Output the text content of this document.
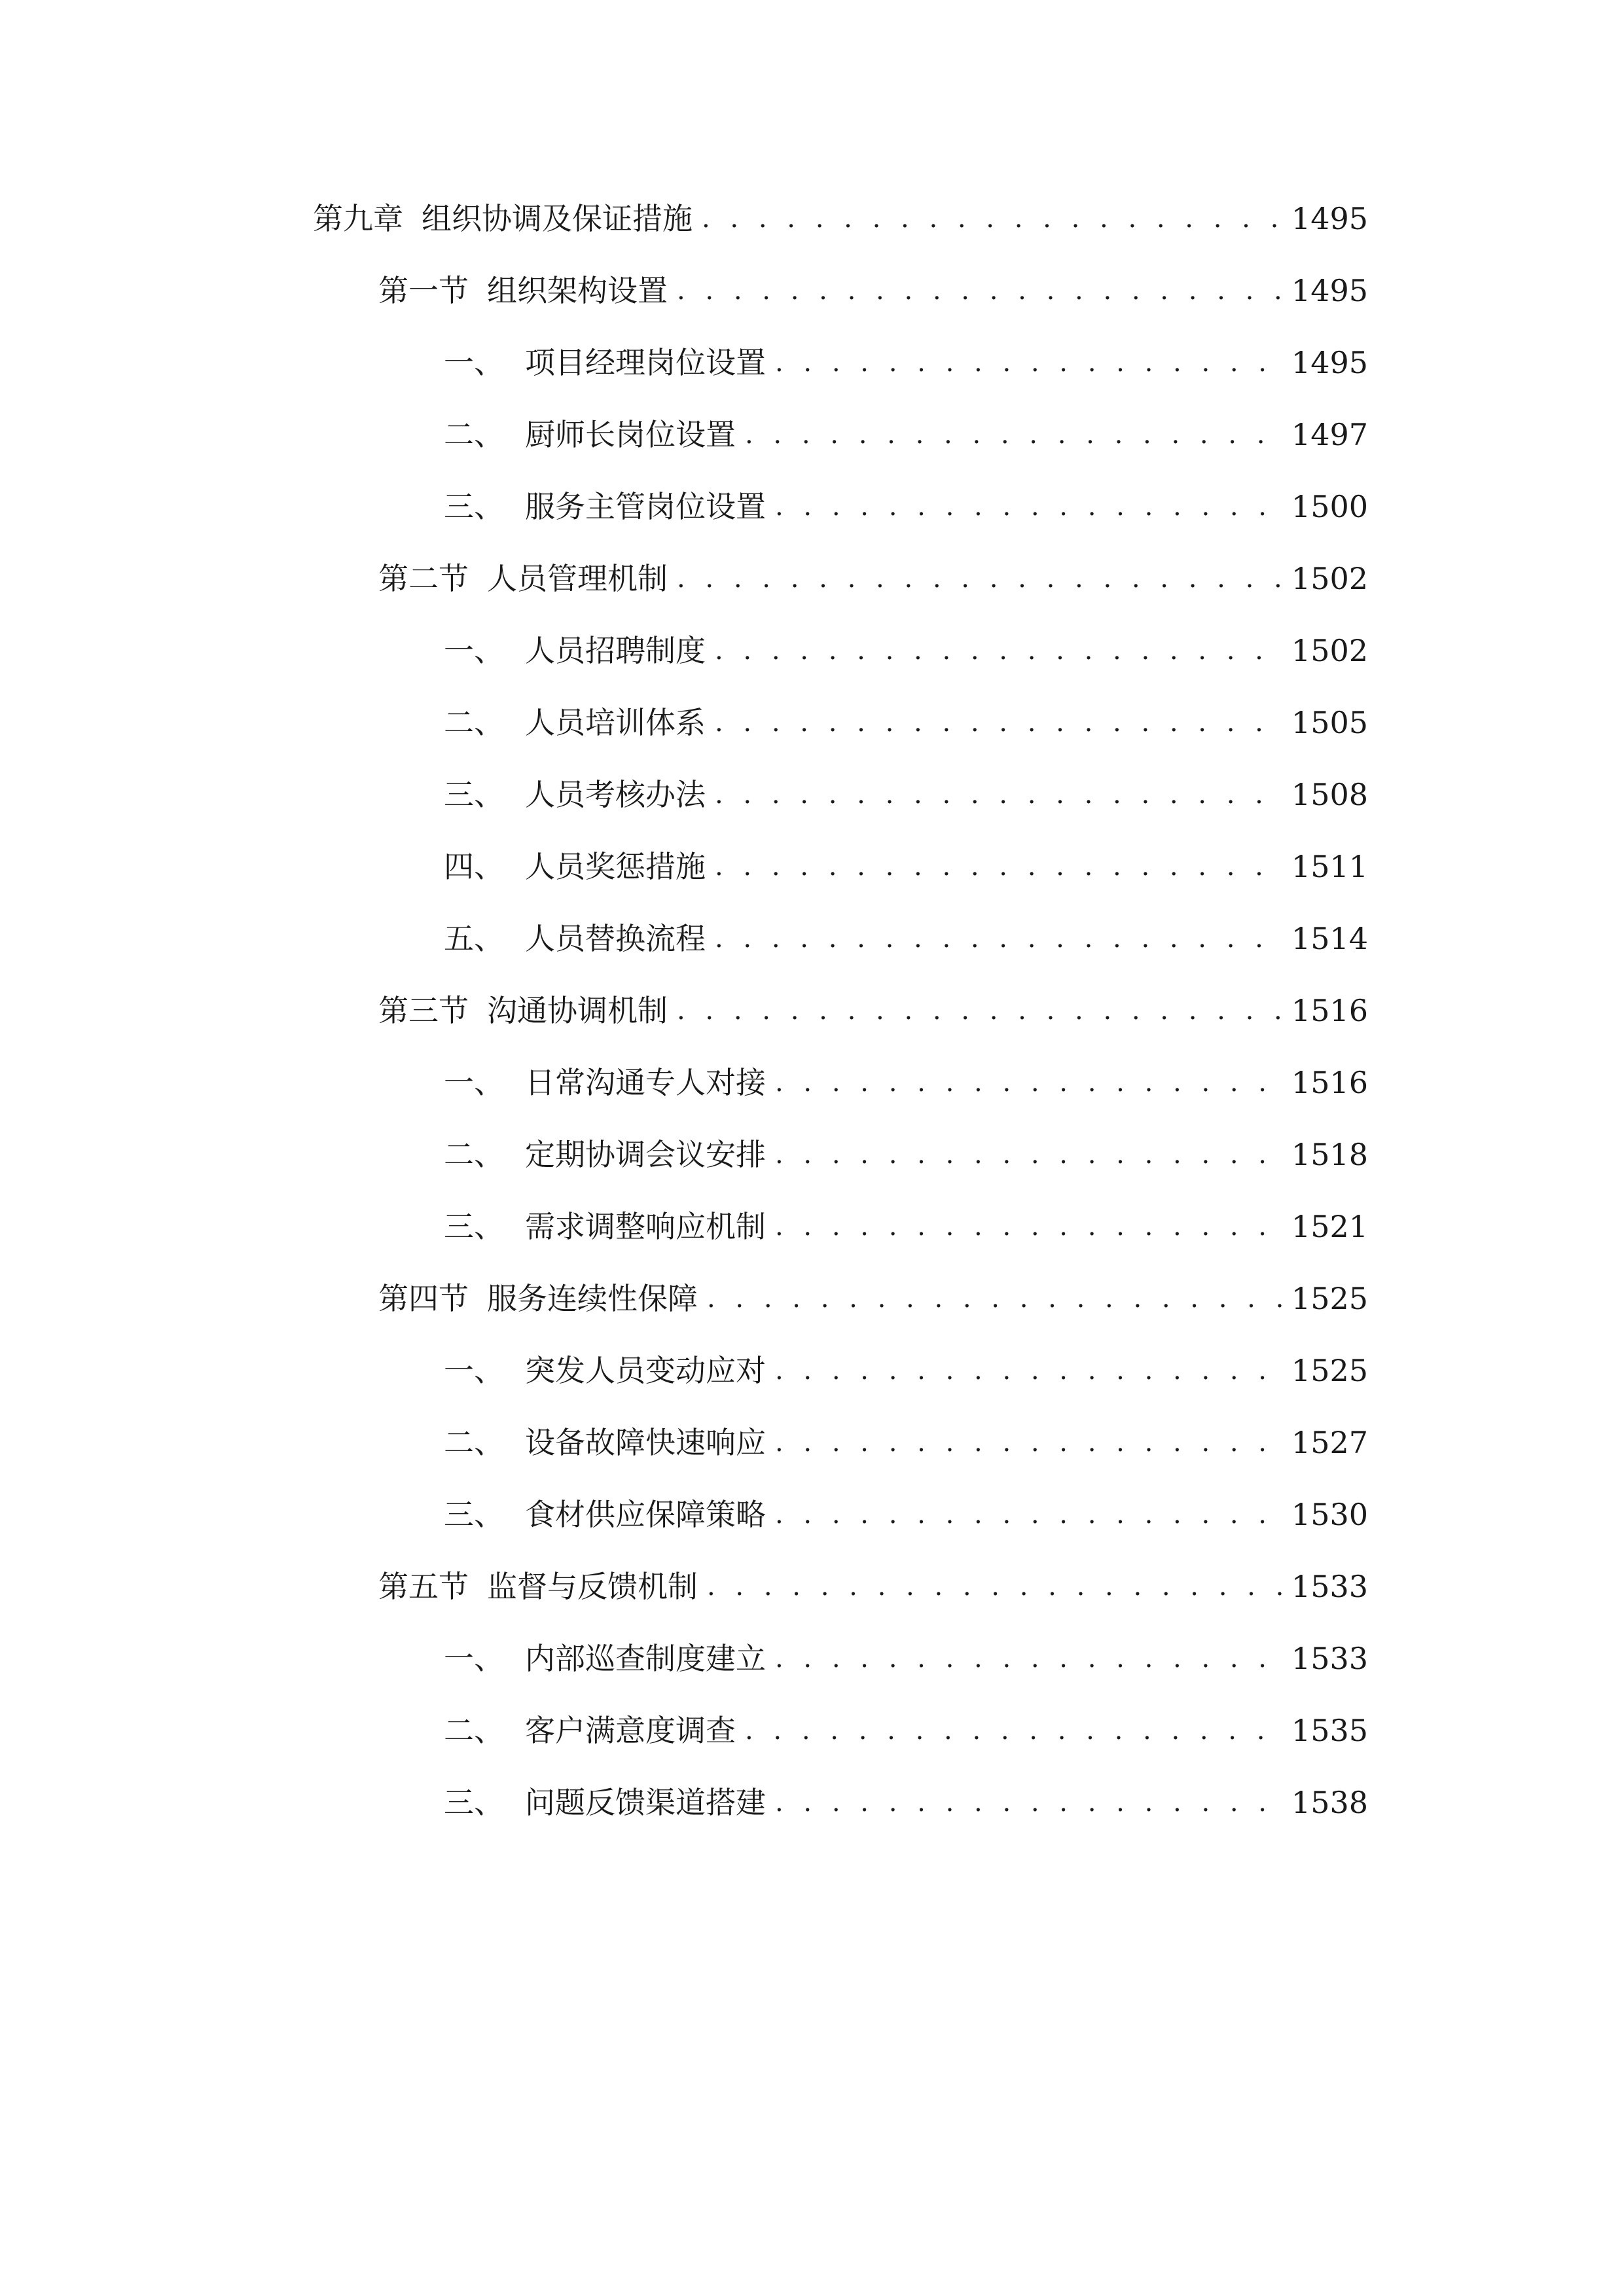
第九章 组织协调及保证措施 . . .	1495
第一节 组织架构设置 . . .	1495
一、 项目经理岗位设置 . . .	1495
二、 厨师长岗位设置 . . .	1497
三、 服务主管岗位设置 . . .	1500
第二节 人员管理机制 . . .	1502
一、 人员招聘制度 . . .	1502
二、 人员培训体系 . . .	1505
三、 人员考核办法 . . .	1508
四、 人员奖惩措施 . . .	1511
五、 人员替换流程 . . .	1514
第三节 沟通协调机制 . . .	1516
一、 日常沟通专人对接 . . .	1516
二、 定期协调会议安排 . . .	1518
三、 需求调整响应机制 . . .	1521
第四节 服务连续性保障 . . .	1525
一、 突发人员变动应对 . . .	1525
二、 设备故障快速响应 . . .	1527
三、 食材供应保障策略 . . .	1530
第五节 监督与反馈机制 . . .	1533
一、 内部巡查制度建立 . . .	1533
二、 客户满意度调查 . . .	1535
三、 问题反馈渠道搭建 . . .	1538
